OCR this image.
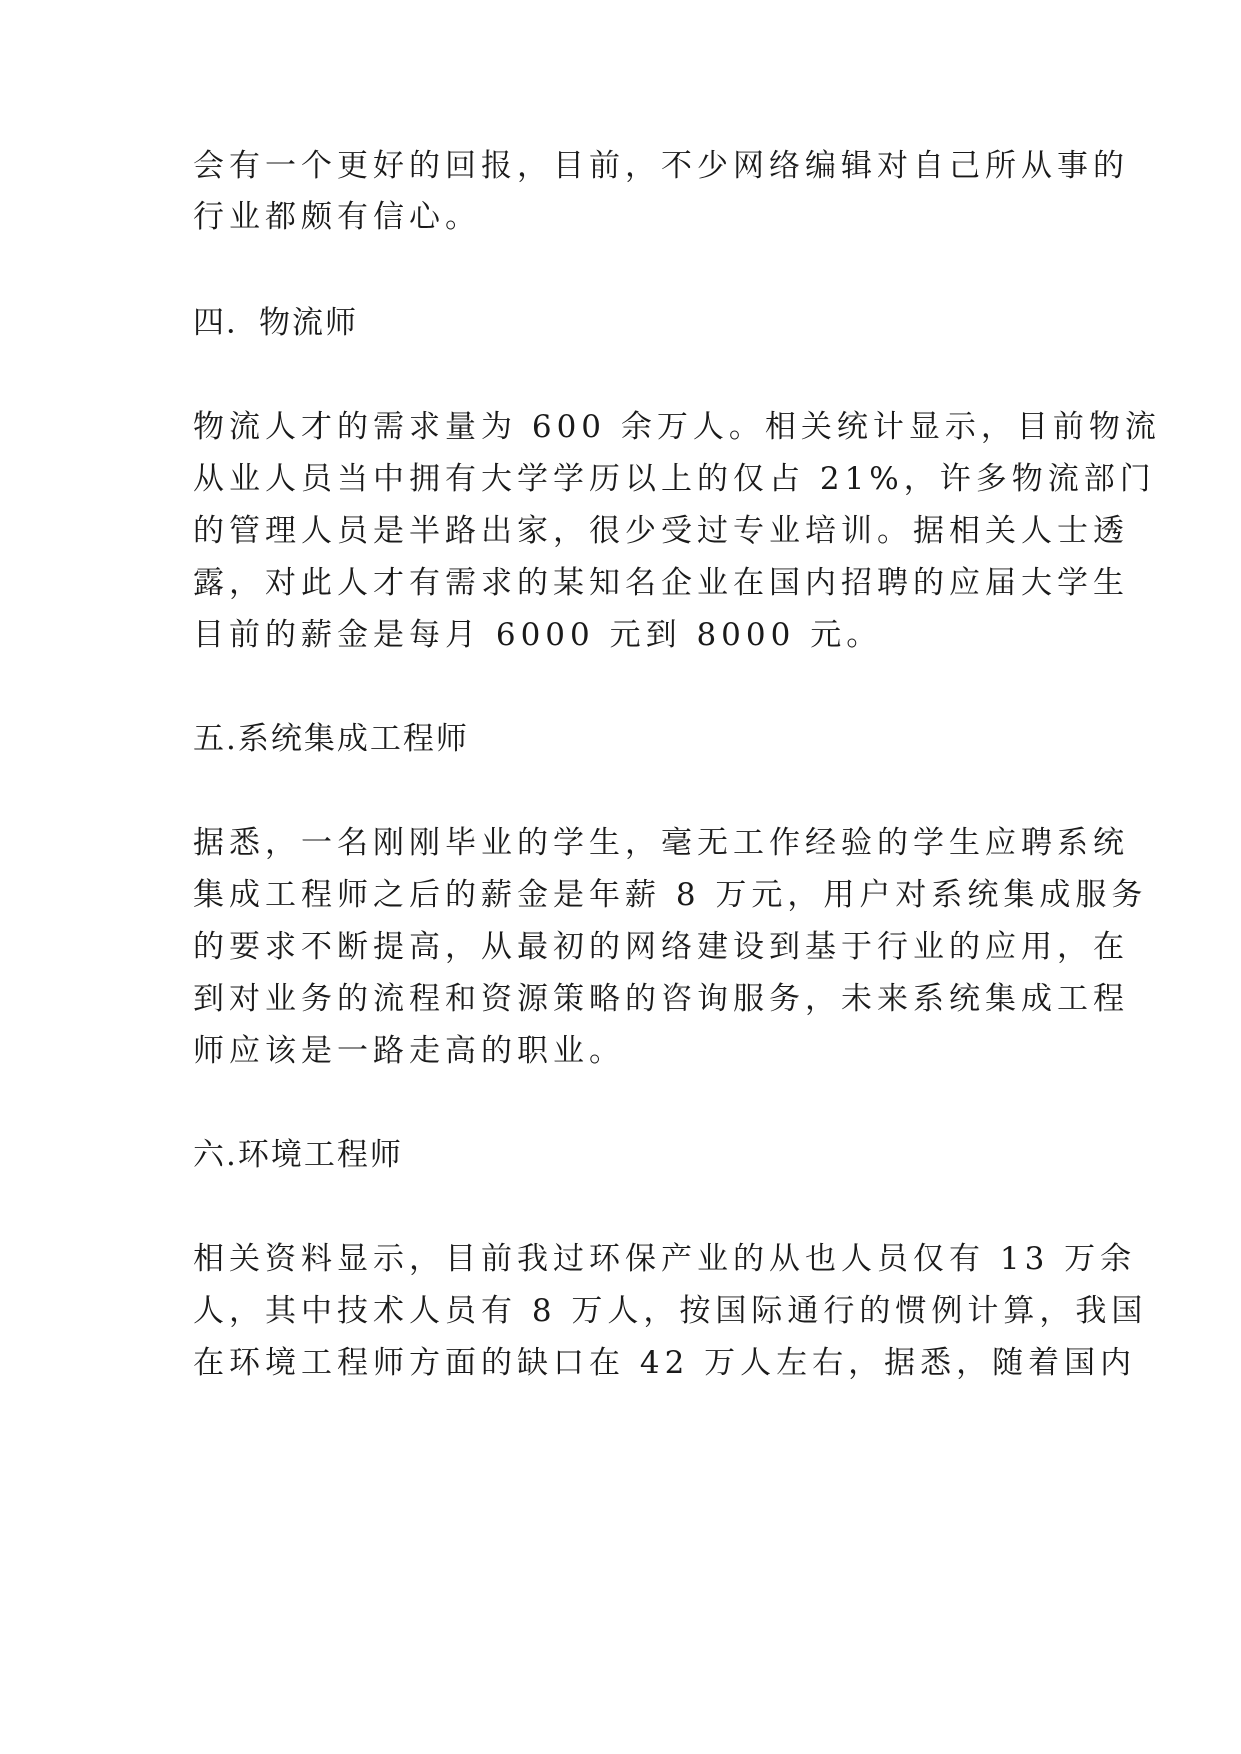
会有一个更好的回报，目前，不少网络编辑对自己所从事的
行业都颇有信心。
四．物流师
物流人才的需求量为 600 余万人。相关统计显示，目前物流
从业人员当中拥有大学学历以上的仅占 21%，许多物流部门
的管理人员是半路出家，很少受过专业培训。据相关人士透
露，对此人才有需求的某知名企业在国内招聘的应届大学生
目前的薪金是每月 6000 元到 8000 元。
五.系统集成工程师
据悉，一名刚刚毕业的学生，毫无工作经验的学生应聘系统
集成工程师之后的薪金是年薪 8 万元，用户对系统集成服务
的要求不断提高，从最初的网络建设到基于行业的应用，在
到对业务的流程和资源策略的咨询服务，未来系统集成工程
师应该是一路走高的职业。
六.环境工程师
相关资料显示，目前我过环保产业的从也人员仅有 13 万余
人，其中技术人员有 8 万人，按国际通行的惯例计算，我国
在环境工程师方面的缺口在 42 万人左右，据悉，随着国内
